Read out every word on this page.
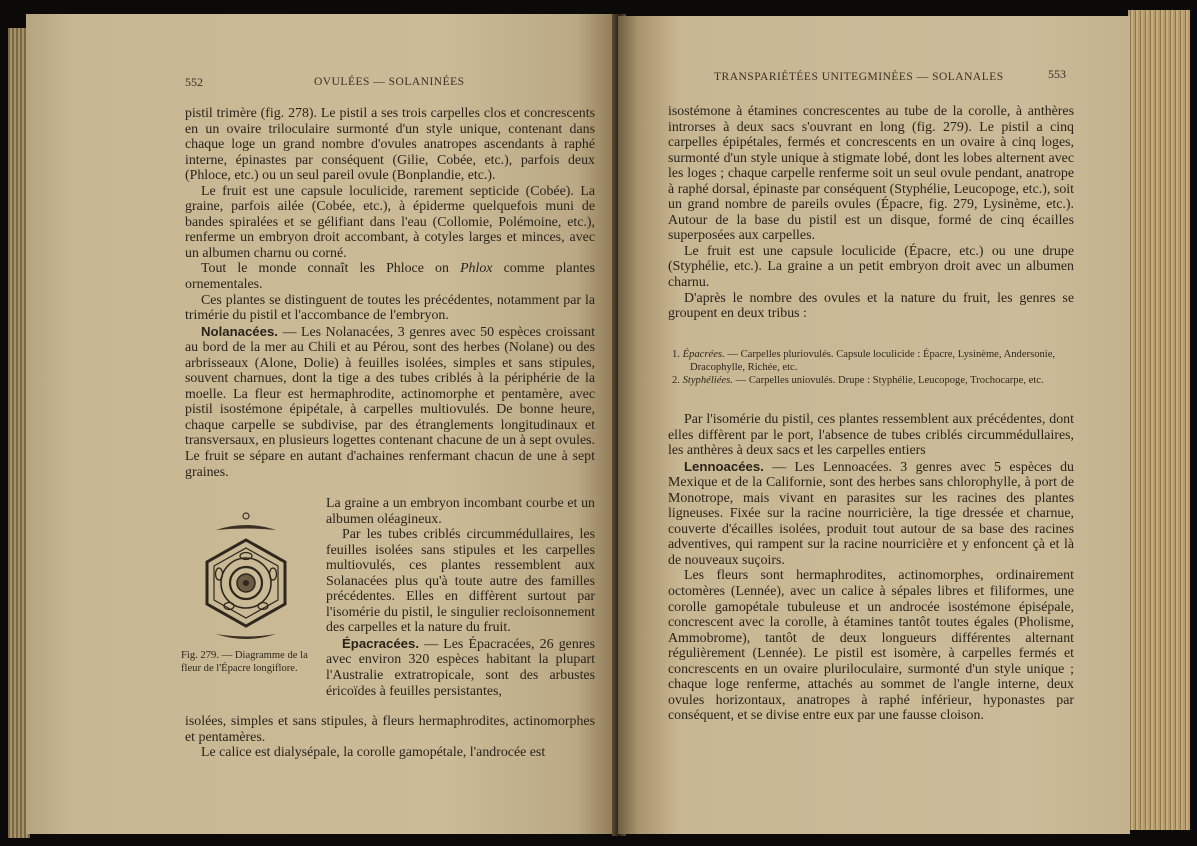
552	OVULÉES — SOLANINÉES

pistil trimère (fig. 278). Le pistil a ses trois carpelles clos et concrescents en un ovaire triloculaire surmonté d'un style unique, contenant dans chaque loge un grand nombre d'ovules anatropes ascendants à raphé interne, épinastes par conséquent (Gilie, Cobée, etc.), parfois deux (Phloce, etc.) ou un seul pareil ovule (Bonplandie, etc.).

Le fruit est une capsule loculicide, rarement septicide (Cobée). La graine, parfois ailée (Cobée, etc.), à épiderme quelquefois muni de bandes spiralées et se gélifiant dans l'eau (Collomie, Polémoine, etc.), renferme un embryon droit accombant, à cotyles larges et minces, avec un albumen charnu ou corné.

Tout le monde connaît les Phloce on Phlox comme plantes ornementales.

Ces plantes se distinguent de toutes les précédentes, notamment par la trimérie du pistil et l'accombance de l'embryon.

Nolanacées. — Les Nolanacées, 3 genres avec 50 espèces croissant au bord de la mer au Chili et au Pérou, sont des herbes (Nolane) ou des arbrisseaux (Alone, Dolie) à feuilles isolées, simples et sans stipules, souvent charnues, dont la tige a des tubes criblés à la périphérie de la moelle. La fleur est hermaphrodite, actinomorphe et pentamère, avec pistil isostémone épipétale, à carpelles multiovulés. De bonne heure, chaque carpelle se subdivise, par des étranglements longitudinaux et transversaux, en plusieurs logettes contenant chacune de un à sept ovules. Le fruit se sépare en autant d'achaines renfermant chacun de une à sept graines.

Fig. 279. — Diagramme de la fleur de l'Épacre longiflore.

La graine a un embryon incombant courbe et un albumen oléagineux.

Par les tubes criblés circummédullaires, les feuilles isolées sans stipules et les carpelles multiovulés, ces plantes ressemblent aux Solanacées plus qu'à toute autre des familles précédentes. Elles en diffèrent surtout par l'isomérie du pistil, le singulier recloisonnement des carpelles et la nature du fruit.

Épacracées. — Les Épacracées, 26 genres avec environ 320 espèces habitant la plupart l'Australie extratropicale, sont des arbustes éricoïdes à feuilles persistantes,

isolées, simples et sans stipules, à fleurs hermaphrodites, actinomorphes et pentamères.

Le calice est dialysépale, la corolle gamopétale, l'androcée est

TRANSPARIÉTÉES UNITEGMINÉES — SOLANALES	553

isostémone à étamines concrescentes au tube de la corolle, à anthères introrses à deux sacs s'ouvrant en long (fig. 279). Le pistil a cinq carpelles épipétales, fermés et concrescents en un ovaire à cinq loges, surmonté d'un style unique à stigmate lobé, dont les lobes alternent avec les loges ; chaque carpelle renferme soit un seul ovule pendant, anatrope à raphé dorsal, épinaste par conséquent (Styphélie, Leucopoge, etc.), soit un grand nombre de pareils ovules (Épacre, fig. 279, Lysinème, etc.). Autour de la base du pistil est un disque, formé de cinq écailles superposées aux carpelles.

Le fruit est une capsule loculicide (Épacre, etc.) ou une drupe (Styphélie, etc.). La graine a un petit embryon droit avec un albumen charnu.

D'après le nombre des ovules et la nature du fruit, les genres se groupent en deux tribus :

1. Épacrées. — Carpelles pluriovulés. Capsule loculicide : Épacre, Lysinème, Andersonie, Dracophylle, Richée, etc.
2. Styphéliées. — Carpelles uniovulés. Drupe : Styphélie, Leucopoge, Trochocarpe, etc.

Par l'isomérie du pistil, ces plantes ressemblent aux précédentes, dont elles diffèrent par le port, l'absence de tubes criblés circummédullaires, les anthères à deux sacs et les carpelles entiers

Lennoacées. — Les Lennoacées. 3 genres avec 5 espèces du Mexique et de la Californie, sont des herbes sans chlorophylle, à port de Monotrope, mais vivant en parasites sur les racines des plantes ligneuses. Fixée sur la racine nourricière, la tige dressée et charnue, couverte d'écailles isolées, produit tout autour de sa base des racines adventives, qui rampent sur la racine nourricière et y enfoncent çà et là de nouveaux suçoirs.

Les fleurs sont hermaphrodites, actinomorphes, ordinairement octomères (Lennée), avec un calice à sépales libres et filiformes, une corolle gamopétale tubuleuse et un androcée isostémone épisépale, concrescent avec la corolle, à étamines tantôt toutes égales (Pholisme, Ammobrome), tantôt de deux longueurs différentes alternant régulièrement (Lennée). Le pistil est isomère, à carpelles fermés et concrescents en un ovaire pluriloculaire, surmonté d'un style unique ; chaque loge renferme, attachés au sommet de l'angle interne, deux ovules horizontaux, anatropes à raphé inférieur, hyponastes par conséquent, et se divise entre eux par une fausse cloison.
